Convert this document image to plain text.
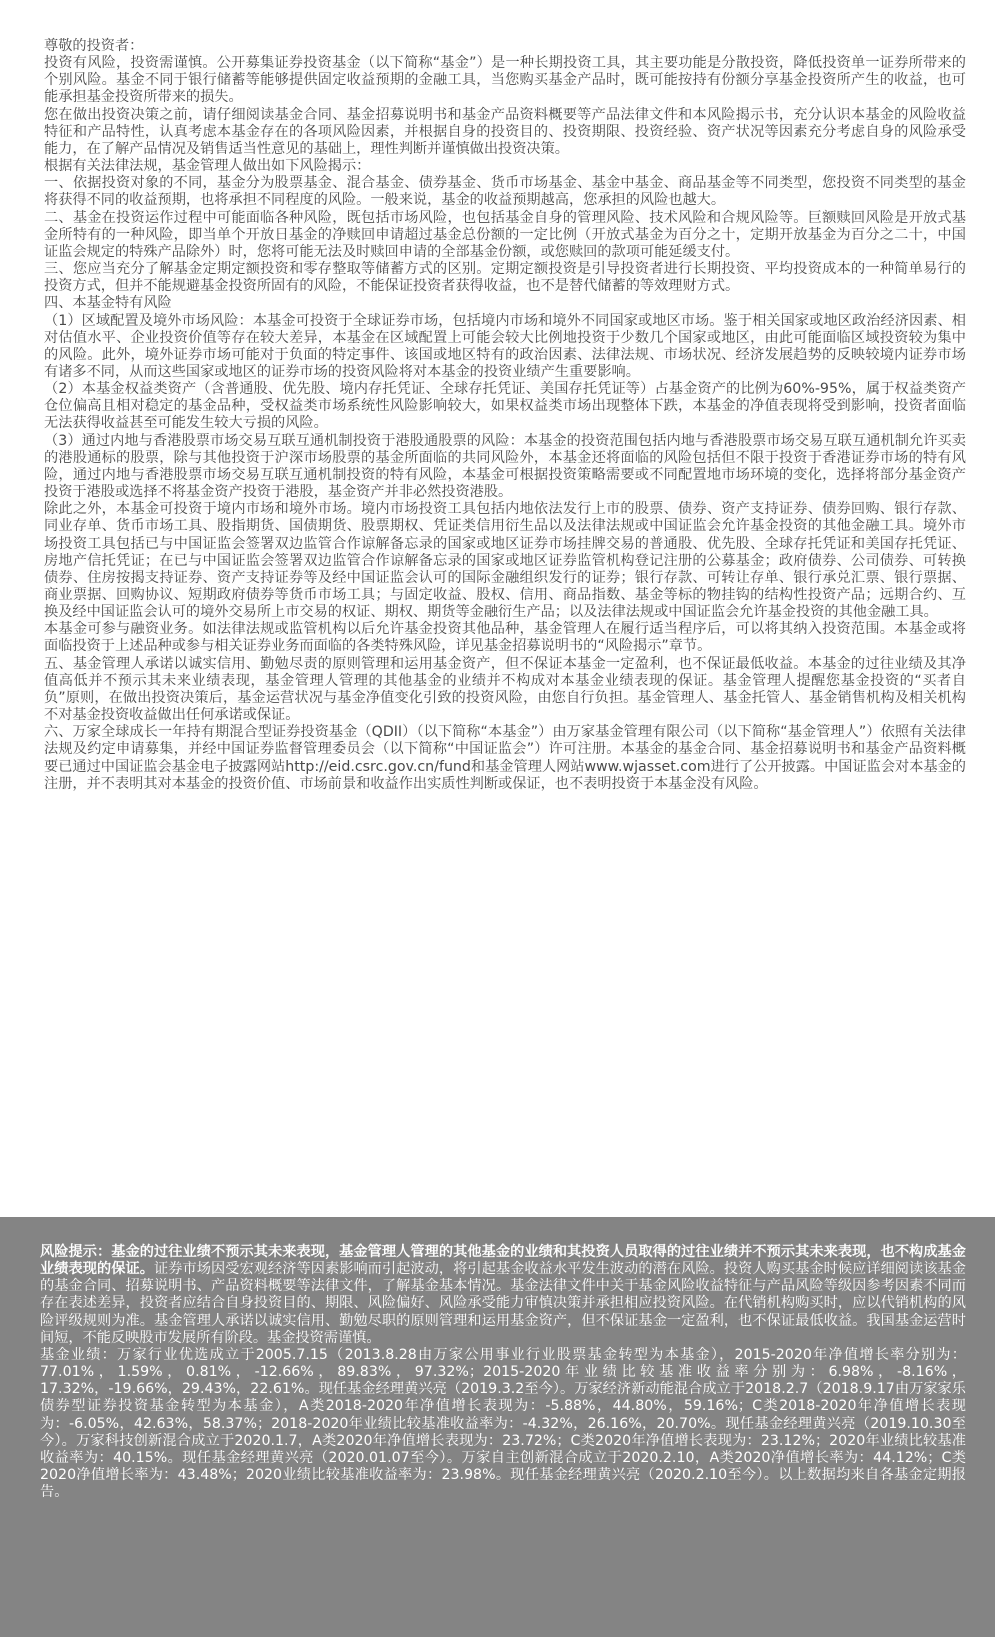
尊敬的投资者：

投资有风险，投资需谨慎。公开募集证券投资基金（以下简称“基金”）是一种长期投资工具，其主要功能是分散投资，降低投资单一证券所带来的个别风险。基金不同于银行储蓄等能够提供固定收益预期的金融工具，当您购买基金产品时，既可能按持有份额分享基金投资所产生的收益，也可能承担基金投资所带来的损失。

您在做出投资决策之前，请仔细阅读基金合同、基金招募说明书和基金产品资料概要等产品法律文件和本风险揭示书，充分认识本基金的风险收益特征和产品特性，认真考虑本基金存在的各项风险因素，并根据自身的投资目的、投资期限、投资经验、资产状况等因素充分考虑自身的风险承受能力，在了解产品情况及销售适当性意见的基础上，理性判断并谨慎做出投资决策。

根据有关法律法规，基金管理人做出如下风险揭示：

一、依据投资对象的不同，基金分为股票基金、混合基金、债券基金、货币市场基金、基金中基金、商品基金等不同类型，您投资不同类型的基金将获得不同的收益预期，也将承担不同程度的风险。一般来说，基金的收益预期越高，您承担的风险也越大。

二、基金在投资运作过程中可能面临各种风险，既包括市场风险，也包括基金自身的管理风险、技术风险和合规风险等。巨额赎回风险是开放式基金所特有的一种风险，即当单个开放日基金的净赎回申请超过基金总份额的一定比例（开放式基金为百分之十，定期开放基金为百分之二十，中国证监会规定的特殊产品除外）时，您将可能无法及时赎回申请的全部基金份额，或您赎回的款项可能延缓支付。

三、您应当充分了解基金定期定额投资和零存整取等储蓄方式的区别。定期定额投资是引导投资者进行长期投资、平均投资成本的一种简单易行的投资方式，但并不能规避基金投资所固有的风险，不能保证投资者获得收益，也不是替代储蓄的等效理财方式。

四、本基金特有风险

（1）区域配置及境外市场风险：本基金可投资于全球证券市场，包括境内市场和境外不同国家或地区市场。鉴于相关国家或地区政治经济因素、相对估值水平、企业投资价值等存在较大差异，本基金在区域配置上可能会较大比例地投资于少数几个国家或地区，由此可能面临区域投资较为集中的风险。此外，境外证券市场可能对于负面的特定事件、该国或地区特有的政治因素、法律法规、市场状况、经济发展趋势的反映较境内证券市场有诸多不同，从而这些国家或地区的证券市场的投资风险将对本基金的投资业绩产生重要影响。

（2）本基金权益类资产（含普通股、优先股、境内存托凭证、全球存托凭证、美国存托凭证等）占基金资产的比例为60%-95%，属于权益类资产仓位偏高且相对稳定的基金品种，受权益类市场系统性风险影响较大，如果权益类市场出现整体下跌，本基金的净值表现将受到影响，投资者面临无法获得收益甚至可能发生较大亏损的风险。

（3）通过内地与香港股票市场交易互联互通机制投资于港股通股票的风险：本基金的投资范围包括内地与香港股票市场交易互联互通机制允许买卖的港股通标的股票，除与其他投资于沪深市场股票的基金所面临的共同风险外，本基金还将面临的风险包括但不限于投资于香港证券市场的特有风险，通过内地与香港股票市场交易互联互通机制投资的特有风险，本基金可根据投资策略需要或不同配置地市场环境的变化，选择将部分基金资产投资于港股或选择不将基金资产投资于港股，基金资产并非必然投资港股。

除此之外，本基金可投资于境内市场和境外市场。境内市场投资工具包括内地依法发行上市的股票、债券、资产支持证券、债券回购、银行存款、同业存单、货币市场工具、股指期货、国债期货、股票期权、凭证类信用衍生品以及法律法规或中国证监会允许基金投资的其他金融工具。境外市场投资工具包括已与中国证监会签署双边监管合作谅解备忘录的国家或地区证券市场挂牌交易的普通股、优先股、全球存托凭证和美国存托凭证、房地产信托凭证；在已与中国证监会签署双边监管合作谅解备忘录的国家或地区证券监管机构登记注册的公募基金；政府债券、公司债券、可转换债券、住房按揭支持证券、资产支持证券等及经中国证监会认可的国际金融组织发行的证券；银行存款、可转让存单、银行承兑汇票、银行票据、商业票据、回购协议、短期政府债券等货币市场工具；与固定收益、股权、信用、商品指数、基金等标的物挂钩的结构性投资产品；远期合约、互换及经中国证监会认可的境外交易所上市交易的权证、期权、期货等金融衍生产品；以及法律法规或中国证监会允许基金投资的其他金融工具。

本基金可参与融资业务。如法律法规或监管机构以后允许基金投资其他品种，基金管理人在履行适当程序后，可以将其纳入投资范围。本基金或将面临投资于上述品种或参与相关证券业务而面临的各类特殊风险，详见基金招募说明书的“风险揭示”章节。

五、基金管理人承诺以诚实信用、勤勉尽责的原则管理和运用基金资产，但不保证本基金一定盈利，也不保证最低收益。本基金的过往业绩及其净值高低并不预示其未来业绩表现，基金管理人管理的其他基金的业绩并不构成对本基金业绩表现的保证。基金管理人提醒您基金投资的“买者自负”原则，在做出投资决策后，基金运营状况与基金净值变化引致的投资风险，由您自行负担。基金管理人、基金托管人、基金销售机构及相关机构不对基金投资收益做出任何承诺或保证。

六、万家全球成长一年持有期混合型证券投资基金（QDII）（以下简称“本基金”）由万家基金管理有限公司（以下简称“基金管理人”）依照有关法律法规及约定申请募集，并经中国证券监督管理委员会（以下简称“中国证监会”）许可注册。本基金的基金合同、基金招募说明书和基金产品资料概要已通过中国证监会基金电子披露网站http://eid.csrc.gov.cn/fund和基金管理人网站www.wjasset.com进行了公开披露。中国证监会对本基金的注册，并不表明其对本基金的投资价值、市场前景和收益作出实质性判断或保证，也不表明投资于本基金没有风险。

风险提示：基金的过往业绩不预示其未来表现，基金管理人管理的其他基金的业绩和其投资人员取得的过往业绩并不预示其未来表现，也不构成基金业绩表现的保证。证券市场因受宏观经济等因素影响而引起波动，将引起基金收益水平发生波动的潜在风险。投资人购买基金时候应详细阅读该基金的基金合同、招募说明书、产品资料概要等法律文件，了解基金基本情况。基金法律文件中关于基金风险收益特征与产品风险等级因参考因素不同而存在表述差异，投资者应结合自身投资目的、期限、风险偏好、风险承受能力审慎决策并承担相应投资风险。在代销机构购买时，应以代销机构的风险评级规则为准。基金管理人承诺以诚实信用、勤勉尽职的原则管理和运用基金资产，但不保证基金一定盈利，也不保证最低收益。我国基金运营时间短，不能反映股市发展所有阶段。基金投资需谨慎。

基金业绩：万家行业优选成立于2005.7.15（2013.8.28由万家公用事业行业股票基金转型为本基金），2015-2020年净值增长率分别为：77.01%，1.59%，0.81%，-12.66%，89.83%，97.32%；2015-2020年业绩比较基准收益率分别为：6.98%，-8.16%，17.32%，-19.66%，29.43%，22.61%。现任基金经理黄兴亮（2019.3.2至今）。万家经济新动能混合成立于2018.2.7（2018.9.17由万家家乐债券型证券投资基金转型为本基金），A类2018-2020年净值增长表现为：-5.88%，44.80%，59.16%；C类2018-2020年净值增长表现为：-6.05%，42.63%，58.37%；2018-2020年业绩比较基准收益率为：-4.32%，26.16%，20.70%。现任基金经理黄兴亮（2019.10.30至今）。万家科技创新混合成立于2020.1.7，A类2020年净值增长表现为：23.72%；C类2020年净值增长表现为：23.12%；2020年业绩比较基准收益率为：40.15%。现任基金经理黄兴亮（2020.01.07至今）。万家自主创新混合成立于2020.2.10，A类2020净值增长率为：44.12%；C类2020净值增长率为：43.48%；2020业绩比较基准收益率为：23.98%。现任基金经理黄兴亮（2020.2.10至今）。以上数据均来自各基金定期报告。
